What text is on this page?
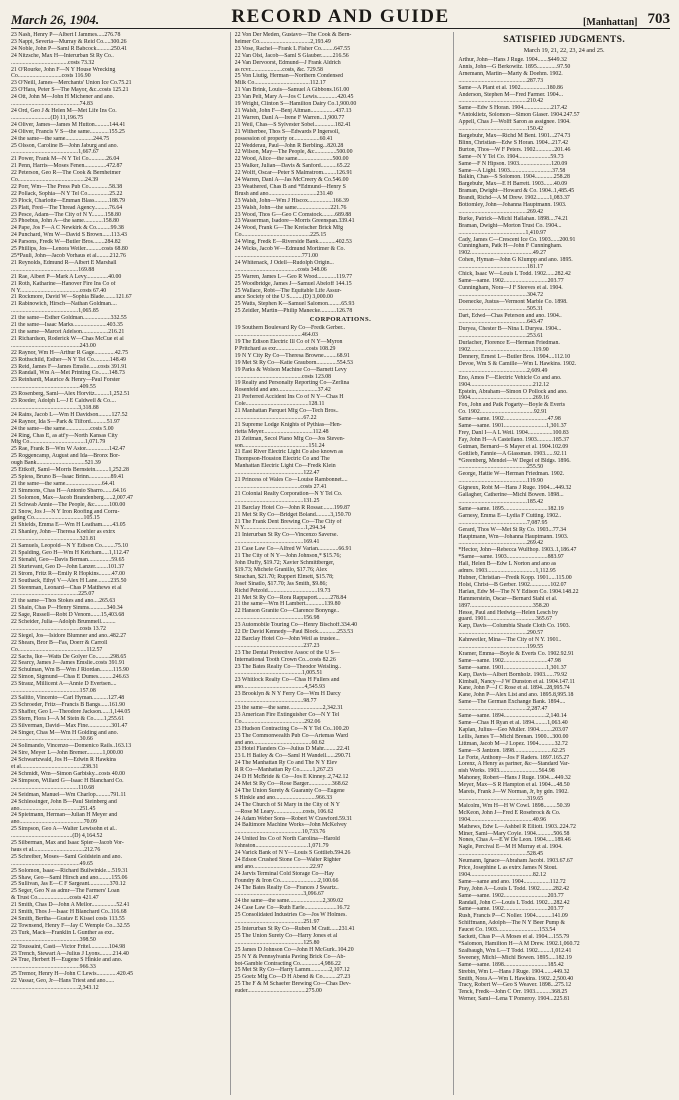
March 26, 1904.	RECORD AND GUIDE	[Manhattan] 703
23 Nash, Henry P—Albert I Jammes.....276.78
23 Nappi, Severia—Murray & Reid Co.....300.26
24 Noble, John P—Saml R Babcock..........250.41
24 Nitzsche, Max H—Interurban St Ry Co..
.......................................costs 73.32
21 O'Rourke, John F—N Y House Wrecking
Co..............................costs 116.90
23 O'Neill, James—Merchants' Union Ice Co.75.21
23 O'Hara, Peter S—The Mayor, &c..costs 125.21
24 Ott, John M—John H Michener and ano.
...............................................74.83
24 Ord, Geo J & Helen M—Met Life Ins Co.
...........................(D) 11,196.75
24 Oliver, James—James M Hutton..........144.41
24 Oliver, Francis V S—the same.............155.25
24 the same—the same...................244.75
25 Olsson, Caroline B—John Jaburg and ano.
..............................................1,667.67
21 Power, Frank M—N Y Tel Co............26.04
21 Penn, Harris—Moses Fenen...............472.87
22 Peterson, Geo R—The Cook & Bernheimer
Co..............................................24.39
22 Porr, Wm—The Press Pub Co..............58.38
22 Pollack, Sophia—N Y Tel Co...............25.22
23 Plock, Charlotte—Emman Blass..........188.79
23 Platt, Fred—The Thread Agency..........76.64
23 Pesce, Adam—The City of N Y.........158.80
23 Phoebus, John A—the same.............158.80
24 Pape, Jos F—A C Newkirk & Co..........99.38
24 Punchard, Wm W—David S Brown......113.43
24 Parsons, Fredk W—Butler Bros........284.82
25 Phillips, Jos—Lenora Weiler...........costs 68.80
25*Pauli, John—Jacob Vorhaus et al.........212.76
21 Reynolds, Edmund R—Albert E Marshall
..............................................169.88
21 Rae, Albert P—Mark A Levy...............40.00
21 Roth, Katharine—Hanover Fire Ins Co of
N Y.........................................costs 67.40
21 Rockmore, David W—Sophia Blade........121.67
21 Rabinowich, Hirsch—Nathan Goldman....
..............................................1,065.85
21 the same—Esther Goldman...................332.55
21 the same—Isaac Marks.......................403.35
21 the same—Marcet Adelson..................216.21
21 Richardson, Roderick W—Chas McCue et al
...............................................243.00
22 Raynor, Wm H—Arthur R Gage..............42.75
23 Rothschild, Esther—N Y Tel Co...........148.49
23 Reid, James F—James Emslie......costs 391.91
23 Randall, Wm A—Met Printing Co.......148.73
23 Reinhardt, Maurice & Henry—Paul Forster
...............................................409.55
23 Rosenberg, Saml—Alex Horvitz..........1,252.51
23 Roeder, Adolph L—J E Caldwell & Co....
..............................................3,318.88
24 Rains, Jacob L—Wm H Davidson.........127.52
24 Raynor, Ida S—Park & Tilford...........51.97
24 the same—the same.................costs 5.00
24 Ring, Chas E, as att'y—North Kansas City
Mfg Co......................................1,071.79
25 Rae, Frank B—Wm W Astor................142.47
25 Roggencamp, August and Ida—Bronx Bor-
ough Bank.................................521.39
25 Ettkoff, Saml—Morris Bernstein.........1,252.28
25 Spiess, Bruno B—Isaac Brinn...............89.41
21 the same—the same.........................64.41
21 Simmons, Chas H—Antonio Sbarro.......64.16
21 Solomon, Max—Jacob Brandenberg......2,007.47
21 Schwab Annie—The People, &c..........100.00
21 Snow, Jos J—N Y Iron Roofing and Corru-
gating Co..................................105.15
21 Shields, Emma E—Wm H Leatham.......43.05
21 Shanley, John—Theresa Koehler as extrx
...............................................321.81
21 Samuels, Leopold—N Y Edison Co.........75.10
21 Spalding, Geo H—Wm H Ketcham.....1,112.47
21 Stenahl, Geo—Davis Berman................59.65
21 Sturtevant, Geo D—John Lanzer.........101.37
21 Strom, Fritz R—Emily R Hopkins.........47.00
21 Southack, Ethyl V—Alex H Lane.........235.50
21 Steenman, Leonard—Chas P Matthews et al
..............................................225.07
21 the same—Thos Stokes and ano....265.63
21 Shain, Chas P—Henry Simms............340.34
22 Sage, Russell—Robt D Venom.......15,403.68
22 Scheider, Julia—Adolph Brummell..........
...............................................costs 13.72
22 Siegel, Jos—Isidore Blumner and ano..482.27
22 Shears, Bror B—Fas, Doerr & Carroll
Co...............................................112.57
22 Sachs, Ike—Watts De Golyer Co..........298.65
22 Searcy, James J—James Emslie..costs 391.91
22 Schulman, Wm B—Wm J Riordan.........115.90
22 Simon, Sigmund—Chas E Dumes..........246.63
23 Strauz, Millicent A—Annie D Evertsen....
...............................................157.08
23 Salitto, Vincento—Carl Hyman...........127.48
23 Schroeder, Fritz—Francis B Bangs......161.90
23 Shaffer, Geo L—Theodore Jackson......1,144.05
23 Stern, Flora I—A M Stein & Co.......1,255.61
23 Silverman, David—Max Fine................301.47
24 Singer, Chas M—Wm H Golding and ano.
...............................................30.66
24 Solimando, Vincenzo—Domenico Rails..163.13
24 Sire, Meyer L—John Bremer...........1,000.00
24 Schwartzwald, Jos H—Edwin R Hawkins
et al..........................................238.31
24 Schmidt, Wm—Simon Garbisky...costs 40.00
24 Simpson, Willard G—Isaac H Blanchard Co.
..............................................110.68
24 Seidman, Manuel—Wm Charlop..........791.11
24 Schlessinger, John B—Paul Steinberg and
ano.........................................251.45
24 Spietmann, Herman—Julian H Meyer and
ano............................................70.09
25 Simpson, Geo A—Walter Lewisohn et al..
..........................................(D) 4,164.52
25 Silberman, Max and Isaac Spier—Jacob Vor-
haus et al...................................212.76
25 Schreiber, Moses—Saml Goldstein and ano.
...............................................49.65
25 Solomon, Isaac—Richard Bullwinkle....519.31
25 Shaw, Geo—Saml Hirsch and ano.........155.06
25 Sullivan, Jas E—C F Sargeant..............370.12
25 Seger, Geo N as admr—The Farmers' Loan
& Trust Co......................costs 421.47
21 Smith, Chas D—John A Mellor.................52.41
21 Smith, Thos J—Isaac H Blanchard Co..116.68
24 Smith, Bertha—Gustav E Kissel costs 113.55
22 Townsend, Henry F—Jay C Wemple Co...32.55
23 Turk, Mack—Franklin L Gunther as exr..
...............................................398.50
22 Toussaint, Casti—Victor Fritel.............104.98
23 Trench, Stewart A—Julius J Lyons.........214.40
24 True, Herbert H—Eugene S Hinkle and ano.
...............................................966.33
25 Tremor, Henry H—John C Lewis..............420.45
22 Vassar, Geo, Jr—Hans Triest and ano......
..............................................2,343.12
22 Von Der Meden, Gustavo—The Cook & Bern-
heimer Co...................................2,193.49
23 Vose, Rachel—Frank L Fisher Co.........647.55
22 Van Olst, Jacob—Saml S Glauber........216.56
24 Van Dervoorst, Edmund—J Frank Aldrich
as rcvr......................costs, &c. 729.58
25 Von Liutig, Herman—Northern Condensed
Milk Co......................................112.17
21 Van Brink, Louis—Samuel A Gibbons.161.00
23 Van Pelt, Mary A—Jos C Lewis..............420.45
19 Wright, Clinton S—Hamilton Dairy Co.1,900.00
21 Walsh, John F—Benj Altman.................437.13
21 Warren, Danl A—Irene F Warren...1,900.77
21 Weil, Chas—S Sylvester Sobel..............182.41
21 Witherbee, Thos S—Edwards P Ingersoll,
possession of property or..................60.41
22 Wedderau, Paul—John R Berbling...820.28
22 Wilson, May—The People, &c...............500.00
22 Wood, Alice—the same........................500.00
23 Walker, Julian—Davis & Sanford...........65.22
22 Wolff, Oscar—Peter S Malmstrom.........126.91
24 Warren, Danl A—Jas McCreery & Co.546.00
23 Weathered, Chas B and *Edmund—Henry S
Brush and ano.................................231.40
23 Walsh, John—Wm J Hiscox.................166.39
23 Walsh, John—the same.......................221.76
23 Wood, Thos G—Geo C Comstock.........689.88
23 Wasserman, Isadore—Morris Greenspan.339.41
24 Wood, Frank G—The Kreischer Brick Mfg
Co...............................................225.15
24 Wing, Fredk E—Riverside Bank............402.53
24 Wicks, Jacob W—Edmund Mortimer & Co.
..............................................771.00
24 Whitenack, J Odell—Rudolph Origin...
...........................................costs 348.06
25 Warren, James L—Geo R Wood.............119.77
25 Woodbridge, James J—Samuel Abeloff 144.15
25 Wallace, Robt—The Equitable Life Assur-
ance Society of the U S.........(D) 3,000.00
25 Watts, Stephen K—Samuel Salomon.........65.93
25 Zeidler, Martin—Philip Manecke...........126.78
CORPORATIONS.
19 Southern Boulevard Ry Co—Fredk Gerber..
..............................................464.03
19 The Edison Electric Ill Co of N Y—Myron
P Pritchard as exr.....................costs 108.29
19 N Y City Ry Co—Theresa Browne.........68.91
19 Met St Ry Co—Katie Grauborn..............554.53
19 Parks & Wolson Machine Co—Barnett Levy
..............................................costs 123.08
19 Realty and Personalty Reporting Co—Zerlina
Rosenfeld and ano...........................37.42
21 Preferred Accident Ins Co of N Y—Chas H
Cole...........................................128.11
21 Manhattan Parquet Mfg Co—Tech Bros..
...............................................67.22
21 Supreme Lodge Knights of Pythias—Hen-
rietta Meyer..................................112.48
21 Zeitman, Secol Piano Mfg Co—Jos Steven-
son.............................................151.24
21 East River Electric Light Co also known as
Thompson-Houston Electric Co and The
Manhattan Electric Light Co—Fredk Klein
...............................................122.47
21 Princess of Wales Co—Louise Rambonnet....
.............................................costs 27.41
21 Colonial Realty Corporation—N Y Tel Co.
...............................................131.25
21 Barclay Hotel Co—John R Rossar........199.87
21 Met St Ry Co—Bridget Boland..........3,150.70
21 The Frank Dent Brewing Co—The City of
N Y..........................................1,294.34
21 Interurban St Ry Co—Vincenzo Saverse.
...............................................169.41
21 Case Law Co—Alfred W Varian..............66.91
21 The City of N Y—John Johnson,* $15.76;
John Duffy, $19.72; Xavier Schmittberger,
$19.73; Michele Granillo, $17.76; Alex
Strachan, $21.70; Ruppert Elmett, $15.78;
Josef Sinatlo, $17.70; Jas Smith, $9.86;
Richd Petzold..................................19.73
21 Met St Ry Co—Rora Rappaport.........278.84
21 the same—Wm H Lambert.............139.80
22 Hanson Granite Co—Clarence Bonynge..
...............................................156.98
23 Automobile Touring Co—Henry Bischoff.334.40
22 Dr David Kennedy—Paul Block.............253.53
22 Barclay Hotel Co—John Weil as trustee...
...............................................237.23
23 The Dental Protective Assoc of the U S—
International Tooth Crown Co...costs 82.26
23 The Bates Realty Co—Theodor Weisling..
..............................................1,005.51
23 Whitlock Realty Co—Chas H Fullers and
ano..........................................4,545.93
23 Brooklyn & N Y Ferry Co—Wm H Darcy
...............................................98.77
23 the same—the same.......................2,342.31
23 American Fire Extinguisher Co—N Y Tel
Co...........................................292.06
23 Hudson Contracting Co—N Y Tel Co..100.20
23 The Commonwealth Pub Co—Artemas Ward
and ano........................................60.62
23 Hotel Flanders Co—Julius D Mahr.........22.41
23 L H Bailey & Co—Saml H Wandell......290.71
24 The Manhattan Ry Co and The N Y Elev
R R Co—Manhattan Ry Co.........1,267.23
24 D H McBride & Co—Jos E Kinney..2,742.12
24 Met St Ry Co—Rose Barger................368.62
24 The Union Surety & Guaranty Co—Eugene
S Hinkle and ano............................966.33
24 The Church of St Mary in the City of N Y
—Rose M Leary....................costs, 106.62
24 Adam Weber Sons—Robert W Crawford.59.31
24 Baltimore Machine Works—John McKelvey
..............................................10,733.76
24 United Ins Co of North Carolina—Harold
Johnston....................................1,071.79
24 Varick Bank of N Y—Louis S Gottlieb.594.26
24 Edson Crushed Stone Co—Walter Righter
and ano.......................................22.97
24 Jarvis Terminal Cold Storage Co—Hay
Foundry & Iron Co..........................2,100.66
24 The Bates Realty Co—Frances J Swartz..
...............................................3,096.67
24 the same—the same.......................2,309.02
24 Case Law Co—Ruth Earle......................16.72
25 Consolidated Industries Co—Jos W Holmes.
...............................................251.97
25 Interurban St Ry Co—Ruben M Cratt......231.41
25 The Union Surety Co—Harry Jones et al
...............................................125.80
25 James D Johnson Co—John H McGurk..104.20
25 N Y & Pennsylvania Paving Brick Co—Ab-
bot-Gamble Contracting Co..............4,986.22
25 Met St Ry Co—Harry Lamm.............2,107.12
25 Goetz Mfg Co—D H Abend & Co..........27.23
25 The F & M Schaefer Brewing Co—Chas Dev-
euder........................................275.00
SATISFIED JUDGMENTS.
March 19, 21, 22, 23, 24 and 25.
Arthur, John—Hans J Ruge. 1904.......$449.32
Annis, John—G Berkowitz. 1895..............97.50
Arnemann, Martin—Marty & Doehm. 1902.
...............................................287.73
Same—A Plant et al. 1902..................180.86
Anderson, Stephen M—Fred Farmer. 1904...
...............................................210.42
Same—Edw S Horan. 1904...................217.42
*Antoklietz, Solomon—Simon Glaser. 1904.247.57
Appell, Chas J—Wolff Saron as assignee. 1904.
...............................................150.42
Bargebuhr, Max—Richd M Bent. 1901...274.73
Blinn, Christian—Edw S Horan. 1904...217.42
Burton, Thos—W F Peters. 1902.............201.46
Same—N Y Tel Co. 1904......................59.73
Same—F N Hipson. 1903......................120.09
Same—A Light. 1903.............................37.58
Balkin, Chas—S Solomon. 1904.............258.28
Bargebuhr, Max—E H Barrett. 1903.......40.09
Braman, Dwight—Howard & Co. 1904..1,485.45
Brandt, Richd—A M Drew. 1902.........1,083.37
Bottomley, John—Johanna Hauptmann. 1903.
...............................................269.42
Burke, Patrick—Michl Hallahan. 1898....74.21
Braman, Dwight—Morton Trust Co. 1904...
..............................................1,410.97
Cady, James C—Crescent Ice Co. 1903......200.91
Cunningham, Patk H—John F Cunningham.
1902...........................................49.27
Cohen, Hyman—John G Klumpp and ano. 1895.
...............................................181.17
Chick, Isaac W—Louis L Todd. 1902......282.42
Same—same. 1902..............................203.77
Cunningham, Nora—J F Steeves et al. 1904.
...............................................304.72
Doenecke, Justus—Vermont Marble Co. 1898.
...............................................505.31
Dart, Edwd—Chas Peterson and ano. 1904..
...............................................643.47
Duryea, Chester B—Nina L Duryea. 1904...
...............................................253.61
Durlacher, Florence E—Herman Friedman.
1902...........................................119.90
Dennery, Ernest L—Butler Bros. 1904....112.10
Devoe, Wm S & Camille—Wm L Hawkins. 1902.
...............................................2,609.49
Eno, Amos F—Electric Vehicle Co and ano.
1904...........................................212.12
Epstein, Abraham—Simon O Pollock and ano.
1904...........................................269.16
Fox, John and Patk Fogarty—Boyle & Everts
Co. 1902.....................................92.91
Same—same. 1902..............................47.98
Same—same. 1901.............................1,301.37
Frey, Danl I—A L Weil. 1904.................100.83
Fay, John H—A Castellano. 1903...........185.37
Gutman, Bernard—S Mayer et al. 1904.102.09
Gottlieb, Fannie—A Glassman. 1903......92.11
*Greenberg, Mendel—W Degel of Bldgs. 1896.
...............................................255.50
George, Hattie W—Herman Friedman. 1902.
...............................................119.90
Gigneux, Robt M—Hans J Ruge. 1904....449.32
Gallagher, Catherine—Michl Bowen. 1898...
...............................................185.42
Same—same. 1895..............................182.19
Garnesy, Emma E—Lydia F Cutting. 1902..
...............................................7,087.95
Gerard, Thos W—Met St Ry Co. 1903...77.34
Hauptmann, Wm—Johanna Hauptmann. 1903.
...............................................269.42
*Hector, John—Rebecca Wulfhop. 1903..1,186.47
*Same—same. 1903............................883.97
Hall, Helen B—Edw L Norton and ano as
admrs. 1903.................................1,112.95
Hubner, Christian—Fredk Kopp. 1901.....115.00
Holst, Christ—B Gerber. 1902..............102.07
Harlan, Edw M—The N Y Edison Co. 1904.148.22
Hammerstein, Oscar—Bernard Stahl et al.
1897...........................................358.20
Hesse, Paul and Hedwig—Helen Lesch by
guard. 1901..................................365.67
Karp, Davis—Columbia Shade Cloth Co. 1903.
...............................................290.57
Kahnweiler, Mina—The City of N Y. 1901..
...............................................199.55
Kramer, Emma—Boyle & Everts Co. 1902.92.91
Same—same. 1902..............................47.98
Same—same. 1901.............................1,301.37
Karp, Davis—Albert Bornholz. 1903......79.92
Kimball, Nancy—J W Dunston et al. 1904.147.11
Kane, John P—J C Rose et al. 1894...28,995.74
Kane, John P—Alex List and ano. 1895.8,995.18
Same—The German Exchange Bank. 1894....
...............................................2,287.47
Same—same. 1894.............................2,140.14
Same—Chas H Ryan et al. 1894.........1,063.40
Kaplan, Julius—Geo Muller. 1904.........203.07
Lellis, James T—Michl Brenan. 1900....300.00
Littman, Jacob M—J Lopez. 1904...........32.72
Same—S Jantzen. 1898..........................62.25
Le Forte, Anthony—Jos F Raders. 1897.165.27
Lorenz, A Henry as partner, &c—Standard Var-
nish Works. 1903...........................564.98
Mahoney, Robert—Hans J Ruge. 1904....449.32
Meyer, Max—S R Hampton et al. 1904....48.50
Mareis, Frank J—W Norman, Jr, by gdn. 1902.
...............................................319.65
Malcolm, Wm H—H W Cowl. 1898.........50.39
McKeon, John J—Fred E Rosebrock & Co.
1904...........................................40.96
Mathews, Edw L—Ashbel R Elliott. 1903..224.72
Miner, Saml—Mary Coyle. 1904............506.58
Nones, Chas A—E W De Leon. 1904......189.46
Nagle, Percival E—M H Murray et al. 1904.
...............................................528.45
Neumann, Ignace—Abraham Jacobi. 1903.67.67
Price, Josephine L as extrx James N Stout.
1904...........................................82.12
Same—same and ano. 1904..................112.72
Pray, John A—Louis L Todd. 1902.........282.42
Same—same. 1902..............................203.77
Randall, John C—Louis L Todd. 1902....282.42
Same—same. 1902..............................203.77
Rush, Francis P—C Noller. 1904...........141.09
Schiffmann, Adolph—The N Y Beer Pump &
Faucet Co. 1903.............................153.54
Sackett, Chas P—A Moses et al. 1904....155.79
*Salomon, Hamilton H—A M Drew. 1902.1,060.72
Szalbaugh, Wm L—T Todd. 1902.........1,012.41
Sweeney, Michl—Michl Bowen. 1895.....182.19
Same—same. 1898..............................185.42
Strebin, Wm L—Hans J Ruge. 1904.......449.32
Smith, Nora A—Wm L Hawkins. 1902..2,500.40
Tracy, Robert W—Geo S Weaver. 1898...275.12
Tenck, Fredk—John C Orr. 1903...........368.25
Werner, Saml—Lena T Pomeroy. 1904...225.81
